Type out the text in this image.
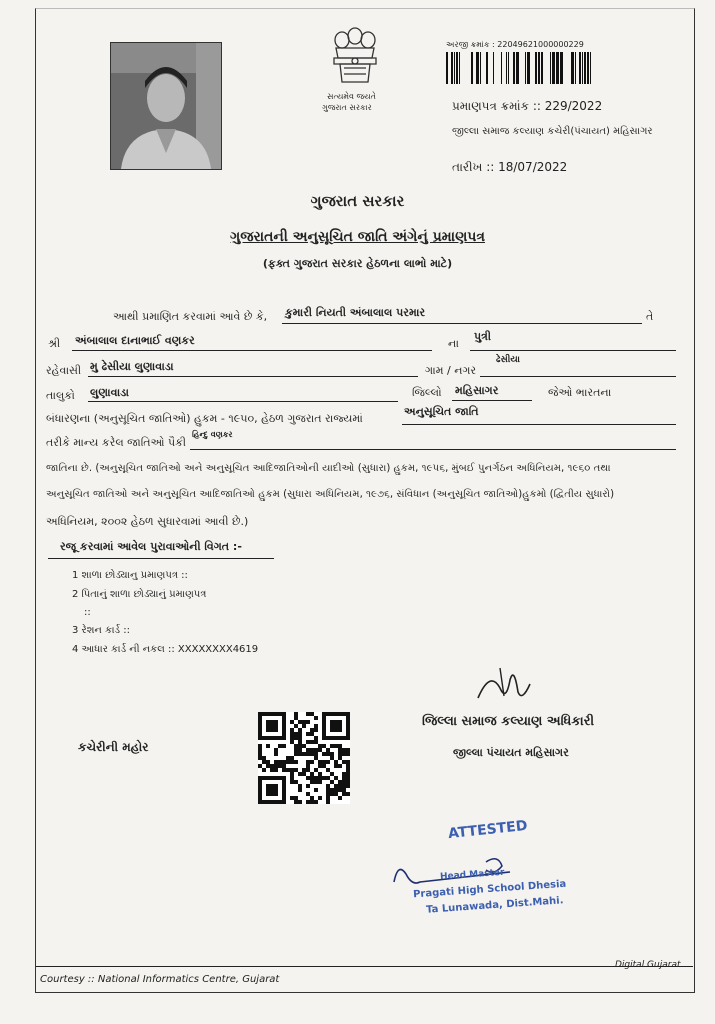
સત્યમેવ જયતે
ગુજરાત સરકાર
અરજી ક્રમાંક : 22049621000000229
પ્રમાણપત્ર ક્રમાંક :: 229/2022
જીલ્લા સમાજ કલ્યાણ કચેરી(પંચાયત) મહિસાગર
તારીખ :: 18/07/2022
ગુજરાત સરકાર
ગુજરાતની અનુસૂચિત જાતિ અંગેનું પ્રમાણપત્ર
(ફક્ત ગુજરાત સરકાર હેઠળના લાભો માટે)
આથી પ્રમાણિત કરવામાં આવે છે કે, કુમારી નિયતી અંબાલાલ પરમાર	તે
શ્રી અંબાલાલ દાનાભાઈ વણકર	ના
પુત્રી
રહેવાસી મુ ઢેસીયા લુણાવાડા	ગામ / નગર
ઢેસીયા
તાલુકો લુણાવાડા	જિલ્લો મહિસાગર	જેઓ ભારતના
બંધારણના (અનુસૂચિત જાતિઓ) હુકમ - ૧૯૫૦, હેઠળ ગુજરાત રાજ્યમાં
અનુસૂચિત જાતિ
તરીકે માન્ય કરેલ જાતિઓ પૈકી
હિન્દુ વણકર
જાતિના છે. (અનુસૂચિત જાતિઓ અને અનુસૂચિત આદિજાતિઓની યાદીઓ (સુધારા) હુકમ, ૧૯૫૬, મુંબઈ પુનર્ગઠન અધિનિયમ, ૧૯૬૦ તથા
અનુસૂચિત જાતિઓ અને અનુસૂચિત આદિજાતિઓ હુકમ (સુધારા અધિનિયમ, ૧૯૭૬, સંવિધાન (અનુસૂચિત જાતિઓ)હુકમો (દ્વિતીય સુધારો)
અધિનિયમ, ૨૦૦૨ હેઠળ સુધારવામાં આવી છે.)
રજૂ કરવામાં આવેલ પુરાવાઓની વિગત :-
1 શાળા છોડ્યાનુ પ્રમાણપત્ર ::
2 પિતાનું શાળા છોડ્યાનું પ્રમાણપત્ર
::
3 રેશન કાર્ડ ::
4 આધાર કાર્ડ ની નકલ :: XXXXXXXX4619
કચેરીની મહોર
જિલ્લા સમાજ કલ્યાણ અધિકારી
જીલ્લા પંચાયત મહિસાગર
ATTESTED
Head Master
Pragati High School Dhesia
Ta Lunawada, Dist.Mahi.
Courtesy :: National Informatics Centre, Gujarat
Digital Gujarat
